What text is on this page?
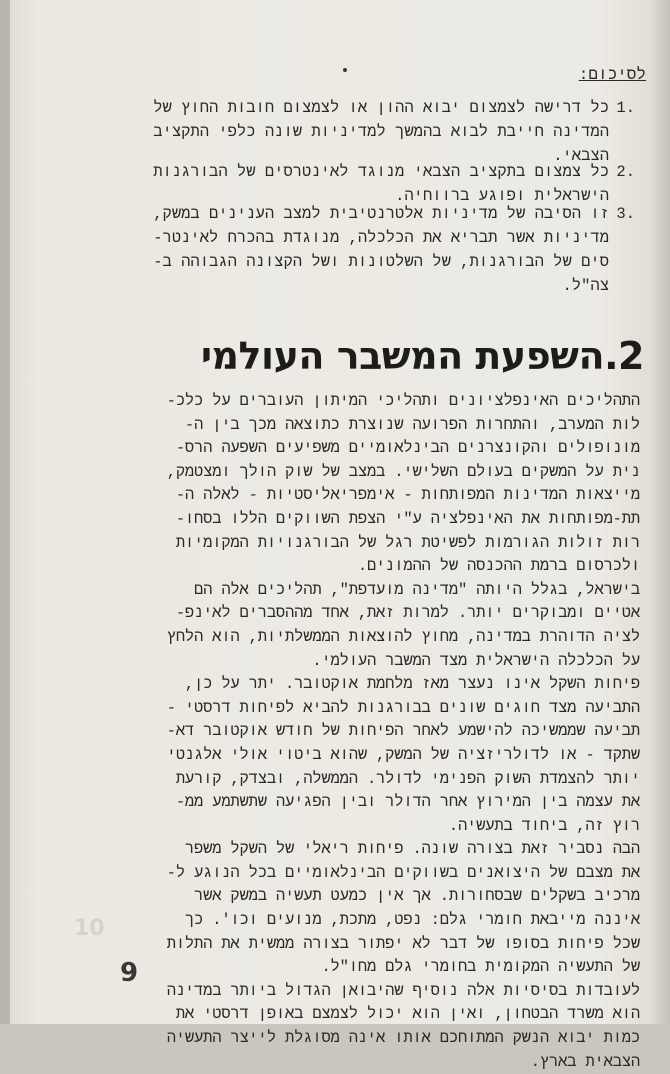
לסיכום:
.1
כל דרישה לצמצום יבוא ההון או לצמצום חובות החוץ של
המדינה חייבת לבוא בהמשך למדיניות שונה כלפי התקציב
הצבאי.
.2
כל צמצום בתקציב הצבאי מנוגד לאינטרסים של הבורגנות
הישראלית ופוגע ברווחיה.
.3
זו הסיבה של מדיניות אלטרנטיבית למצב הענינים במשק,
מדיניות אשר תבריא את הכלכלה, מנוגדת בהכרח לאינטר-
סים של הבורגנות, של השלטונות ושל הקצונה הגבוהה ב-
צה"ל.
2.השפעת המשבר העולמי
התהליכים האינפלציונים ותהליכי המיתון העוברים על כלכ-
לות המערב, והתחרות הפרועה שנוצרת כתוצאה מכך בין ה-
מונופולים והקונצרנים הבינלאומיים משפיעים השפעה הרס-
נית על המשקים בעולם השלישי. במצב של שוק הולך ומצטמק,
מייצאות המדינות המפותחות - אימפריאליסטיות - לאלה ה-
תת-מפותחות את האינפלציה ע"י הצפת השווקים הללו בסחו-
רות זולות הגורמות לפשיטת רגל של הבורגנויות המקומיות
ולכרסום ברמת ההכנסה של ההמונים.
בישראל, בגלל היותה "מדינה מועדפת", תהליכים אלה הם
אטיים ומבוקרים יותר. למרות זאת, אחד מההסברים לאינפ-
לציה הדוהרת במדינה, מחוץ להוצאות הממשלתיות, הוא הלחץ
על הכלכלה הישראלית מצד המשבר העולמי.
פיחות השקל אינו נעצר מאז מלחמת אוקטובר. יתר על כן,
התביעה מצד חוגים שונים בבורגנות להביא לפיחות דרסטי -
תביעה שממשיכה להישמע לאחר הפיחות של חודש אוקטובר דא-
שתקד - או לדולריזציה של המשק, שהוא ביטוי אולי אלגנטי
יותר להצמדת השוק הפנימי לדולר. הממשלה, ובצדק, קורעת
את עצמה בין המירוץ אחר הדולר ובין הפגיעה שתשתמע ממ-
רוץ זה, ביחוד בתעשיה.
הבה נסביר זאת בצורה שונה. פיחות ריאלי של השקל משפר
את מצבם של היצואנים בשווקים הבינלאומיים בכל הנוגע ל-
מרכיב בשקלים שבסחורות. אך אין כמעט תעשיה במשק אשר
איננה מייבאת חומרי גלם: נפט, מתכת, מנועים וכו'. כך
שכל פיחות בסופו של דבר לא יפתור בצורה ממשית את התלות
של התעשיה המקומית בחומרי גלם מחו"ל.
לעובדות בסיסיות אלה נוסיף שהיבואן הגדול ביותר במדינה
הוא משרד הבטחון, ואין הוא יכול לצמצם באופן דרסטי את
כמות יבוא הנשק המתוחכם אותו אינה מסוגלת לייצר התעשיה
הצבאית בארץ.
10
9
